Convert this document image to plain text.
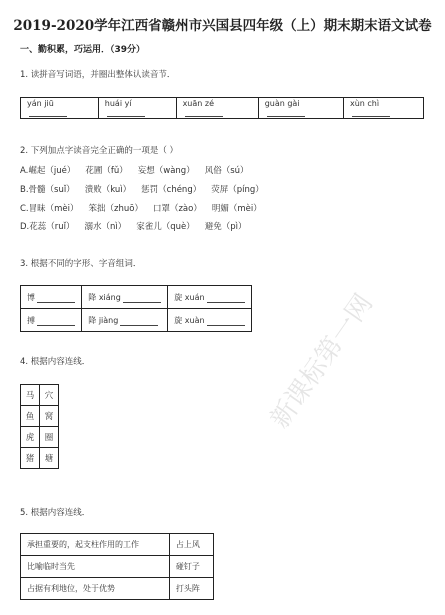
2019-2020学年江西省赣州市兴国县四年级（上）期末期末语文试卷
一、勤积累，巧运用．（39分）
1. 读拼音写词语，并圈出整体认读音节．
yán jiū	huái yí	xuān zé	guàn gài	xùn chì
2. 下列加点字读音完全正确的一项是（ ）
A.崛起（jué） 花圃（fǔ） 妄想（wàng） 风俗（sú）
B.骨髓（suǐ） 溃败（kuì） 惩罚（chéng） 荧屏（píng）
C.冒昧（mèi） 笨拙（zhuō） 口罩（zào） 明媚（mèi）
D.花蕊（ruǐ） 溺水（nì） 家雀儿（què） 避免（pì）
3. 根据不同的字形、字音组词．
博	降 xiáng	旋 xuán
搏	降 jiàng	旋 xuàn
4. 根据内容连线．
马	穴
鱼	窝
虎	圈
猪	塘
5. 根据内容连线．
承担重要的，起支柱作用的工作	占上风
比喻临时当先	碰钉子
占据有利地位，处于优势	打头阵
新课标第一网
